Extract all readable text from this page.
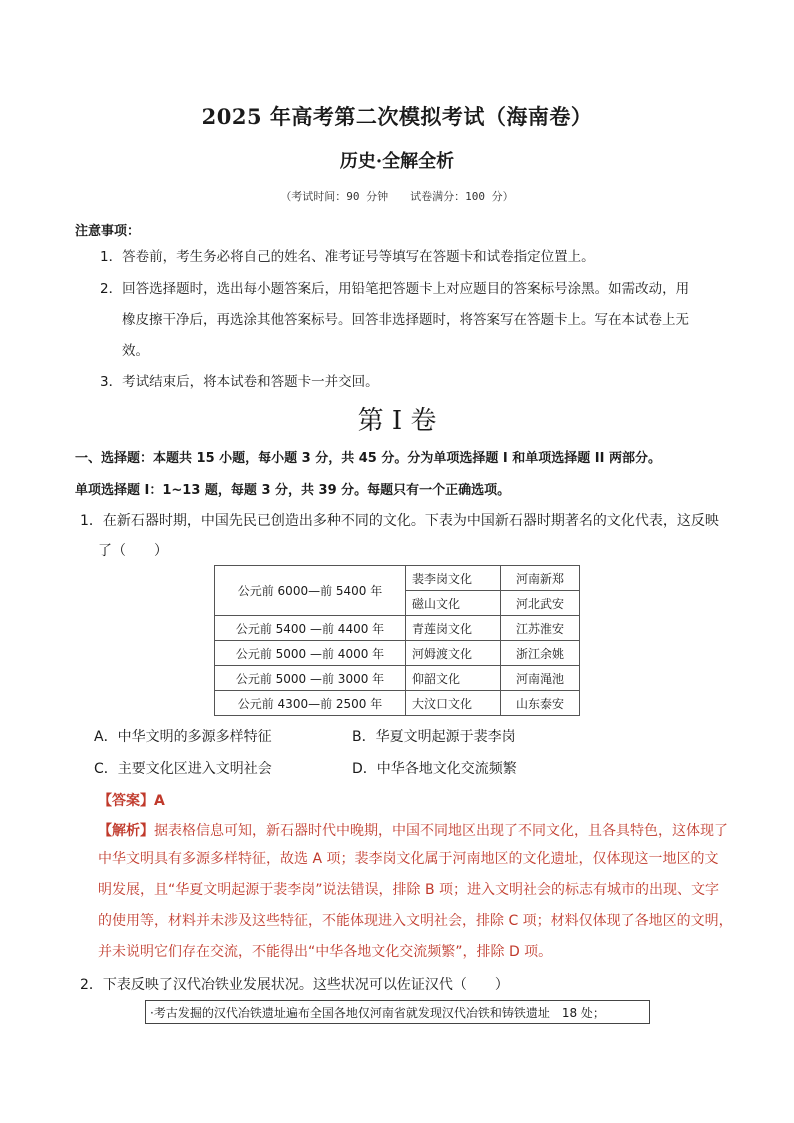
2025 年高考第二次模拟考试（海南卷）
历史·全解全析
（考试时间：90 分钟　　试卷满分：100 分）
注意事项：
1．答卷前，考生务必将自己的姓名、准考证号等填写在答题卡和试卷指定位置上。
2．回答选择题时，选出每小题答案后，用铅笔把答题卡上对应题目的答案标号涂黑。如需改动，用
橡皮擦干净后，再选涂其他答案标号。回答非选择题时，将答案写在答题卡上。写在本试卷上无
效。
3．考试结束后，将本试卷和答题卡一并交回。
第 I 卷
一、选择题：本题共 15 小题，每小题 3 分，共 45 分。分为单项选择题 I 和单项选择题 II 两部分。
单项选择题 I：1~13 题，每题 3 分，共 39 分。每题只有一个正确选项。
1．在新石器时期，中国先民已创造出多种不同的文化。下表为中国新石器时期著名的文化代表，这反映
了（　　）
公元前 6000—前 5400 年	裴李岗文化	河南新郑
	磁山文化	河北武安
公元前 5400 —前 4400 年	青莲岗文化	江苏淮安
公元前 5000 —前 4000 年	河姆渡文化	浙江余姚
公元前 5000 —前 3000 年	仰韶文化	河南渑池
公元前 4300—前 2500 年	大汶口文化	山东泰安
A．中华文明的多源多样特征	B．华夏文明起源于裴李岗
C．主要文化区进入文明社会	D．中华各地文化交流频繁
【答案】A
【解析】据表格信息可知，新石器时代中晚期，中国不同地区出现了不同文化，且各具特色，这体现了
中华文明具有多源多样特征，故选 A 项；裴李岗文化属于河南地区的文化遗址，仅体现这一地区的文
明发展，且“华夏文明起源于裴李岗”说法错误，排除 B 项；进入文明社会的标志有城市的出现、文字
的使用等，材料并未涉及这些特征，不能体现进入文明社会，排除 C 项；材料仅体现了各地区的文明，
并未说明它们存在交流，不能得出“中华各地文化交流频繁”，排除 D 项。
2．下表反映了汉代冶铁业发展状况。这些状况可以佐证汉代（　　）
·考古发掘的汉代冶铁遗址遍布全国各地仅河南省就发现汉代冶铁和铸铁遗址　18 处；
